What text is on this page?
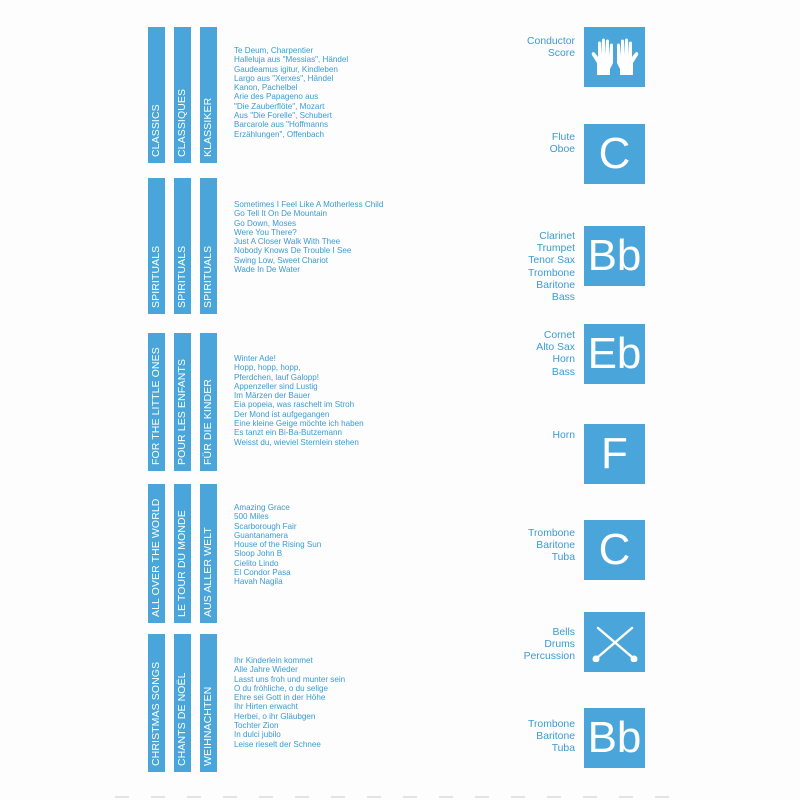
CLASSICS CLASSIQUES KLASSIKER
Te Deum, Charpentier
Halleluja aus "Messias", Händel
Gaudeamus igitur, Kindleben
Largo aus "Xerxes", Händel
Kanon, Pachelbel
Arie des Papageno aus
"Die Zauberflöte", Mozart
Aus "Die Forelle", Schubert
Barcarole aus "Hoffmanns
Erzählungen", Offenbach
SPIRITUALS SPIRITUALS SPIRITUALS
Sometimes I Feel Like A Motherless Child
Go Tell It On De Mountain
Go Down, Moses
Were You There?
Just A Closer Walk With Thee
Nobody Knows De Trouble I See
Swing Low, Sweet Chariot
Wade In De Water
FOR THE LITTLE ONES POUR LES ENFANTS FÜR DIE KINDER
Winter Ade!
Hopp, hopp, hopp,
Pferdchen, lauf Galopp!
Appenzeller sind Lustig
Im Märzen der Bauer
Eia popeia, was raschelt im Stroh
Der Mond ist aufgegangen
Eine kleine Geige möchte ich haben
Es tanzt ein Bi-Ba-Butzemann
Weisst du, wieviel Sternlein stehen
ALL OVER THE WORLD LE TOUR DU MONDE AUS ALLER WELT
Amazing Grace
500 Miles
Scarborough Fair
Guantanamera
House of the Rising Sun
Sloop John B
Cielito Lindo
El Condor Pasa
Havah Nagila
CHRISTMAS SONGS CHANTS DE NOËL WEIHNACHTEN
Ihr Kinderlein kommet
Alle Jahre Wieder
Lasst uns froh und munter sein
O du fröhliche, o du selige
Ehre sei Gott in der Höhe
Ihr Hirten erwacht
Herbei, o ihr Gläubgen
Tochter Zion
In dulci jubilo
Leise rieselt der Schnee
Conductor
Score
Flute
Oboe C
Clarinet
Trumpet
Tenor Sax
Trombone
Baritone
Bass
Bb
Cornet
Alto Sax
Horn
Bass Eb
Horn F
Trombone
Baritone
Tuba C
Bells
Drums
Percussion
Trombone
Baritone
Tuba Bb
